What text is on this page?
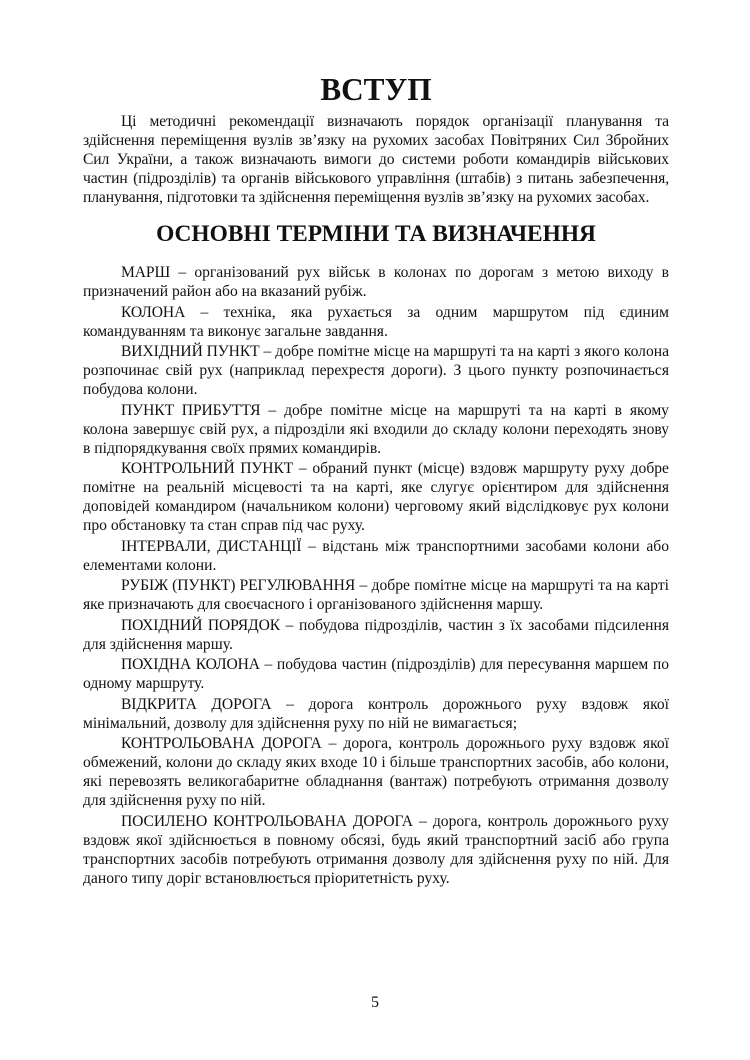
ВСТУП

Ці методичні рекомендації визначають порядок організації планування та здійснення переміщення вузлів зв’язку на рухомих засобах Повітряних Сил Збройних Сил України, а також визначають вимоги до системи роботи командирів військових частин (підрозділів) та органів військового управління (штабів) з питань забезпечення, планування, підготовки та здійснення переміщення вузлів зв’язку на рухомих засобах.

ОСНОВНІ ТЕРМІНИ ТА ВИЗНАЧЕННЯ

МАРШ – організований рух військ в колонах по дорогам з метою виходу в призначений район або на вказаний рубіж.

КОЛОНА – техніка, яка рухається за одним маршрутом під єдиним командуванням та виконує загальне завдання.

ВИХІДНИЙ ПУНКТ – добре помітне місце на маршруті та на карті з якого колона розпочинає свій рух (наприклад перехрестя дороги). З цього пункту розпочинається побудова колони.

ПУНКТ ПРИБУТТЯ – добре помітне місце на маршруті та на карті в якому колона завершує свій рух, а підрозділи які входили до складу колони переходять знову в підпорядкування своїх прямих командирів.

КОНТРОЛЬНИЙ ПУНКТ – обраний пункт (місце) вздовж маршруту руху добре помітне на реальній місцевості та на карті, яке слугує орієнтиром для здійснення доповідей командиром (начальником колони) черговому який відслідковує рух колони про обстановку та стан справ під час руху.

ІНТЕРВАЛИ, ДИСТАНЦІЇ – відстань між транспортними засобами колони або елементами колони.

РУБІЖ (ПУНКТ) РЕГУЛЮВАННЯ – добре помітне місце на маршруті та на карті яке призначають для своєчасного і організованого здійснення маршу.

ПОХІДНИЙ ПОРЯДОК – побудова підрозділів, частин з їх засобами підсилення для здійснення маршу.

ПОХІДНА КОЛОНА – побудова частин (підрозділів) для пересування маршем по одному маршруту.

ВІДКРИТА ДОРОГА – дорога контроль дорожнього руху вздовж якої мінімальний, дозволу для здійснення руху по ній не вимагається;

КОНТРОЛЬОВАНА ДОРОГА – дорога, контроль дорожнього руху вздовж якої обмежений, колони до складу яких входе 10 і більше транспортних засобів, або колони, які перевозять великогабаритне обладнання (вантаж) потребують отримання дозволу для здійснення руху по ній.

ПОСИЛЕНО КОНТРОЛЬОВАНА ДОРОГА – дорога, контроль дорожнього руху вздовж якої здійснюється в повному обсязі, будь який транспортний засіб або група транспортних засобів потребують отримання дозволу для здійснення руху по ній. Для даного типу доріг встановлюється пріоритетність руху.

5
